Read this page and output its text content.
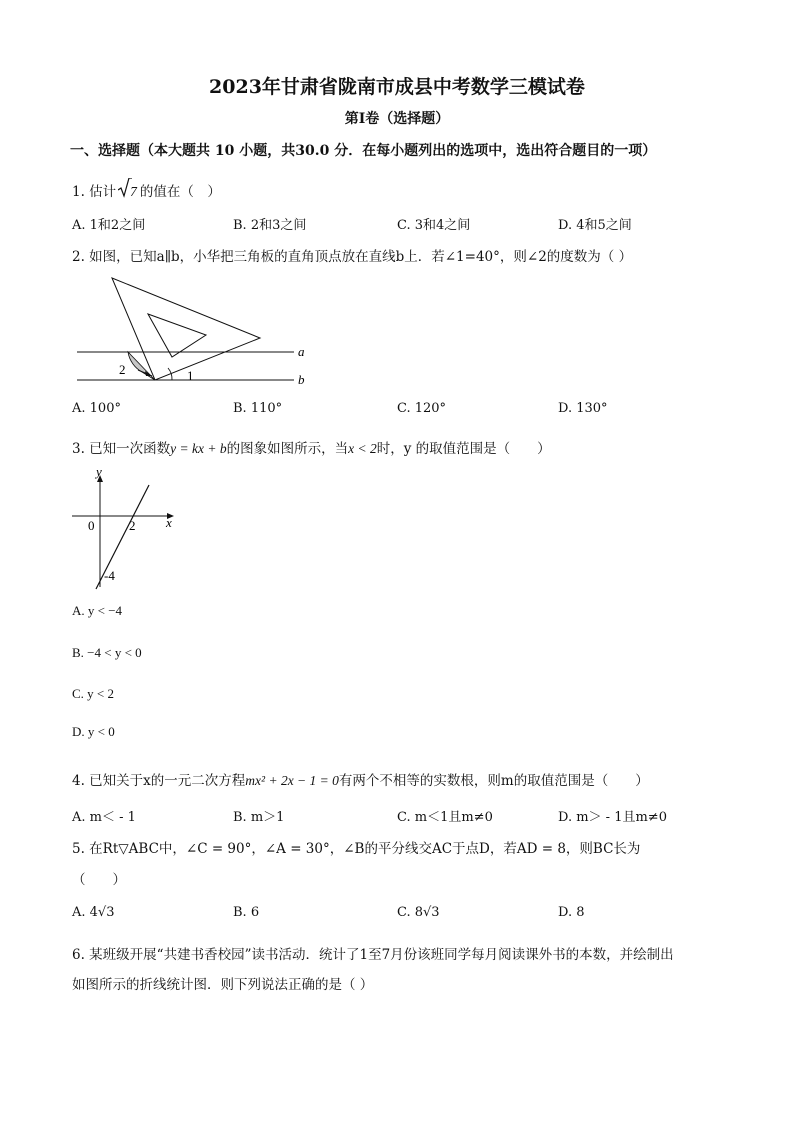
2023年甘肃省陇南市成县中考数学三模试卷
第I卷（选择题）
一、选择题（本大题共 10 小题，共30.0 分．在每小题列出的选项中，选出符合题目的一项）
1. 估计 7 的值在（　）
A. 1和2之间	B. 2和3之间	C. 3和4之间	D. 4和5之间
2. 如图，已知a∥b，小华把三角板的直角顶点放在直线b上．若∠1=40°，则∠2的度数为（ ）
2	1
a
b
A. 100°	B. 110°	C. 120°	D. 130°
3. 已知一次函数y = kx + b的图象如图所示，当x < 2时，y 的取值范围是（　　）
y
x
0	2
-4
A. y < −4
B. −4 < y < 0
C. y < 2
D. y < 0
4. 已知关于x的一元二次方程mx² + 2x − 1 = 0有两个不相等的实数根，则m的取值范围是（　　）
A. m＜ - 1	B. m＞1	C. m＜1且m≠0	D. m＞ - 1且m≠0
5. 在Rt▽ABC中，∠C = 90°，∠A = 30°，∠B的平分线交AC于点D，若AD = 8，则BC长为
（　　）
A. 4√3	B. 6	C. 8√3	D. 8
6. 某班级开展“共建书香校园”读书活动．统计了1至7月份该班同学每月阅读课外书的本数，并绘制出
如图所示的折线统计图．则下列说法正确的是（ ）
